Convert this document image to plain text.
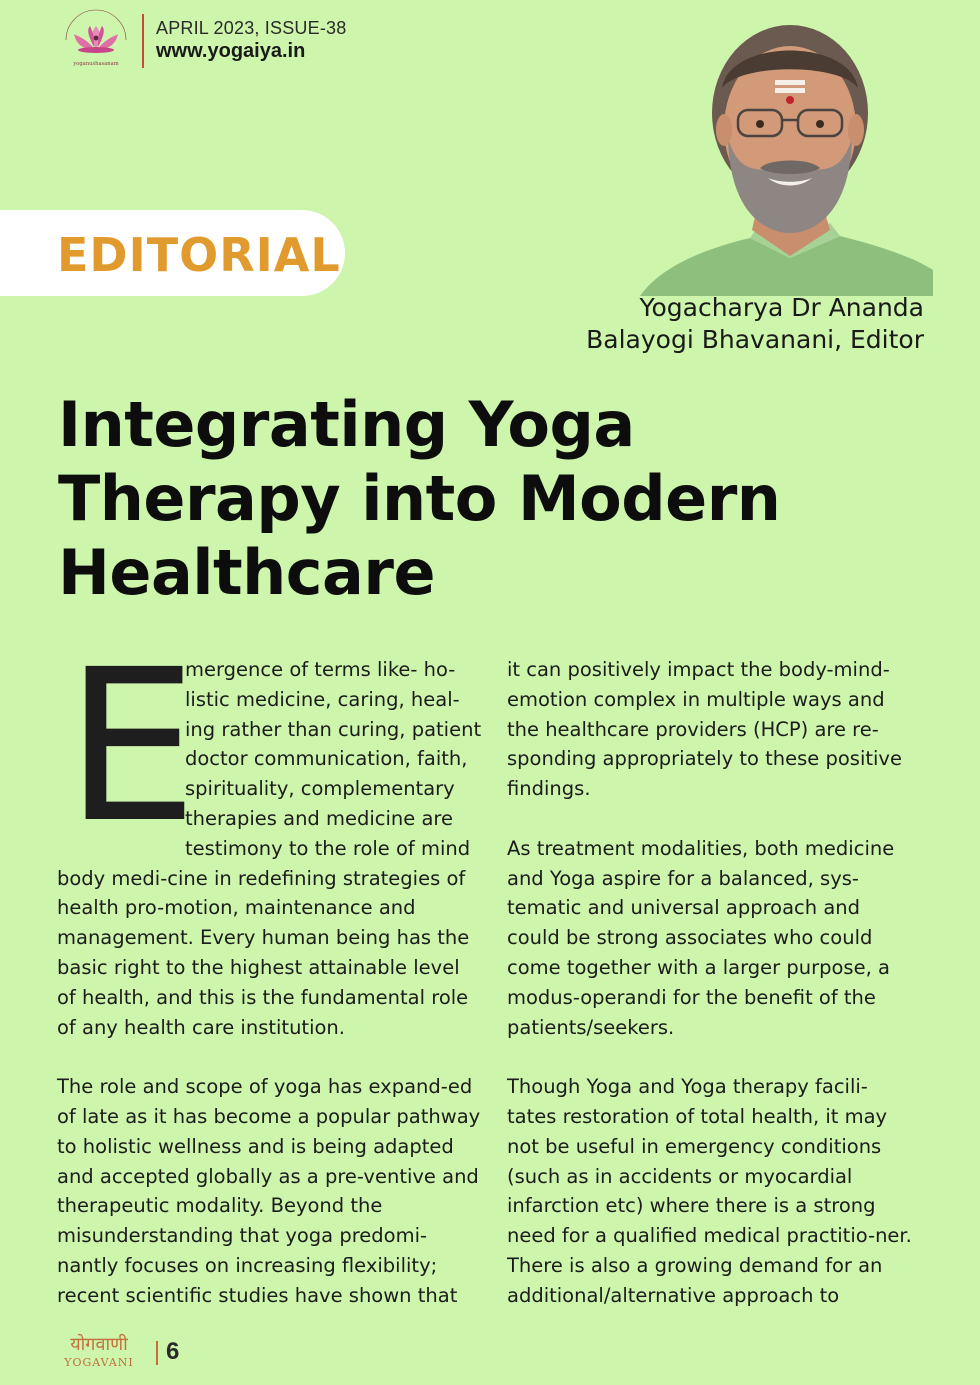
yoganushasanam
APRIL 2023, ISSUE-38
www.yogaiya.in
EDITORIAL
Yogacharya Dr Ananda
Balayogi Bhavanani, Editor
Integrating Yoga Therapy into Modern Healthcare

E
mergence of terms like- ho-listic medicine, caring, heal-ing rather than curing, patient doctor communication, faith, spirituality, complementary therapies and medicine are testimony to the role of mind body medi-cine in redefining strategies of health pro-motion, maintenance and management. Every human being has the basic right to the highest attainable level of health, and this is the fundamental role of any health care institution.

The role and scope of yoga has expand-ed of late as it has become a popular pathway to holistic wellness and is being adapted and accepted globally as a pre-ventive and therapeutic modality. Beyond the misunderstanding that yoga predomi-nantly focuses on increasing flexibility; recent scientific studies have shown that

it can positively impact the body-mind-emotion complex in multiple ways and the healthcare providers (HCP) are re-sponding appropriately to these positive findings.

As treatment modalities, both medicine and Yoga aspire for a balanced, sys-tematic and universal approach and could be strong associates who could come together with a larger purpose, a modus-operandi for the benefit of the patients/seekers.

Though Yoga and Yoga therapy facili-tates restoration of total health, it may not be useful in emergency conditions (such as in accidents or myocardial infarction etc) where there is a strong need for a qualified medical practitio-ner. There is also a growing demand for an additional/alternative approach to

योगवाणी
YOGAVANI	6
